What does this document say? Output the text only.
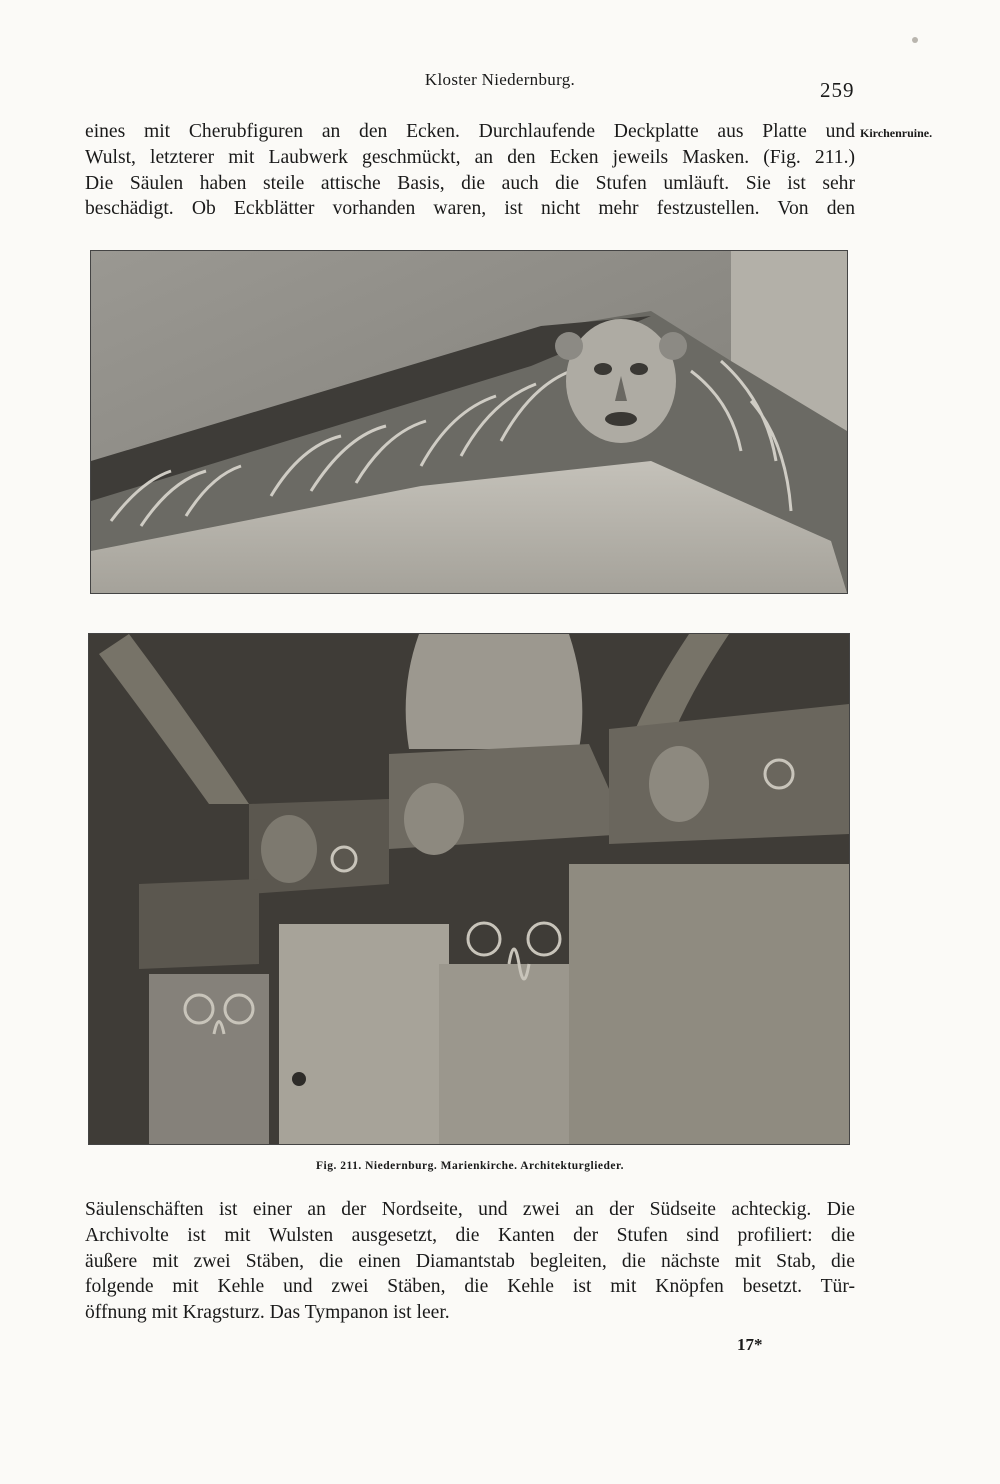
Kloster Niedernburg.	259
Kirchenruine.
eines mit Cherubfiguren an den Ecken. Durchlaufende Deckplatte aus Platte und
Wulst, letzterer mit Laubwerk geschmückt, an den Ecken jeweils Masken. (Fig. 211.)
Die Säulen haben steile attische Basis, die auch die Stufen umläuft. Sie ist sehr
beschädigt. Ob Eckblätter vorhanden waren, ist nicht mehr festzustellen. Von den
Fig. 211. Niedernburg. Marienkirche. Architekturglieder.
Säulenschäften ist einer an der Nordseite, und zwei an der Südseite achteckig. Die
Archivolte ist mit Wulsten ausgesetzt, die Kanten der Stufen sind profiliert: die
äußere mit zwei Stäben, die einen Diamantstab begleiten, die nächste mit Stab, die
folgende mit Kehle und zwei Stäben, die Kehle ist mit Knöpfen besetzt. Tür-
öffnung mit Kragsturz. Das Tympanon ist leer.
17*
